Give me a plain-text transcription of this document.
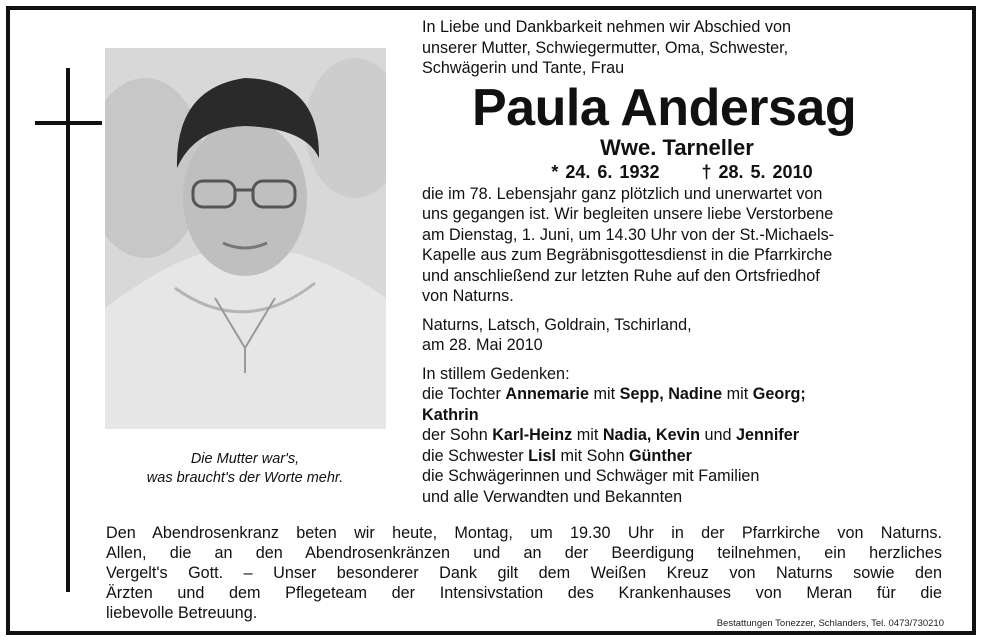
Die Mutter war's,
was braucht's der Worte mehr.

In Liebe und Dankbarkeit nehmen wir Abschied von

unserer Mutter, Schwiegermutter, Oma, Schwester,

Schwägerin und Tante, Frau

Paula Andersag

Wwe. Tarneller

* 24. 6. 1932 † 28. 5. 2010

die im 78. Lebensjahr ganz plötzlich und unerwartet von

uns gegangen ist. Wir begleiten unsere liebe Verstorbene

am Dienstag, 1. Juni, um 14.30 Uhr von der St.-Michaels-

Kapelle aus zum Begräbnisgottesdienst in die Pfarrkirche

und anschließend zur letzten Ruhe auf den Ortsfriedhof

von Naturns.

Naturns, Latsch, Goldrain, Tschirland,

am 28. Mai 2010

In stillem Gedenken:

die Tochter Annemarie mit Sepp, Nadine mit Georg;

Kathrin

der Sohn Karl-Heinz mit Nadia, Kevin und Jennifer

die Schwester Lisl mit Sohn Günther

die Schwägerinnen und Schwäger mit Familien

und alle Verwandten und Bekannten

Den Abendrosenkranz beten wir heute, Montag, um 19.30 Uhr in der Pfarrkirche von Naturns.
Allen, die an den Abendrosenkränzen und an der Beerdigung teilnehmen, ein herzliches
Vergelt's Gott. – Unser besonderer Dank gilt dem Weißen Kreuz von Naturns sowie den
Ärzten und dem Pflegeteam der Intensivstation des Krankenhauses von Meran für die
liebevolle Betreuung.
Bestattungen Tonezzer, Schlanders, Tel. 0473/730210
